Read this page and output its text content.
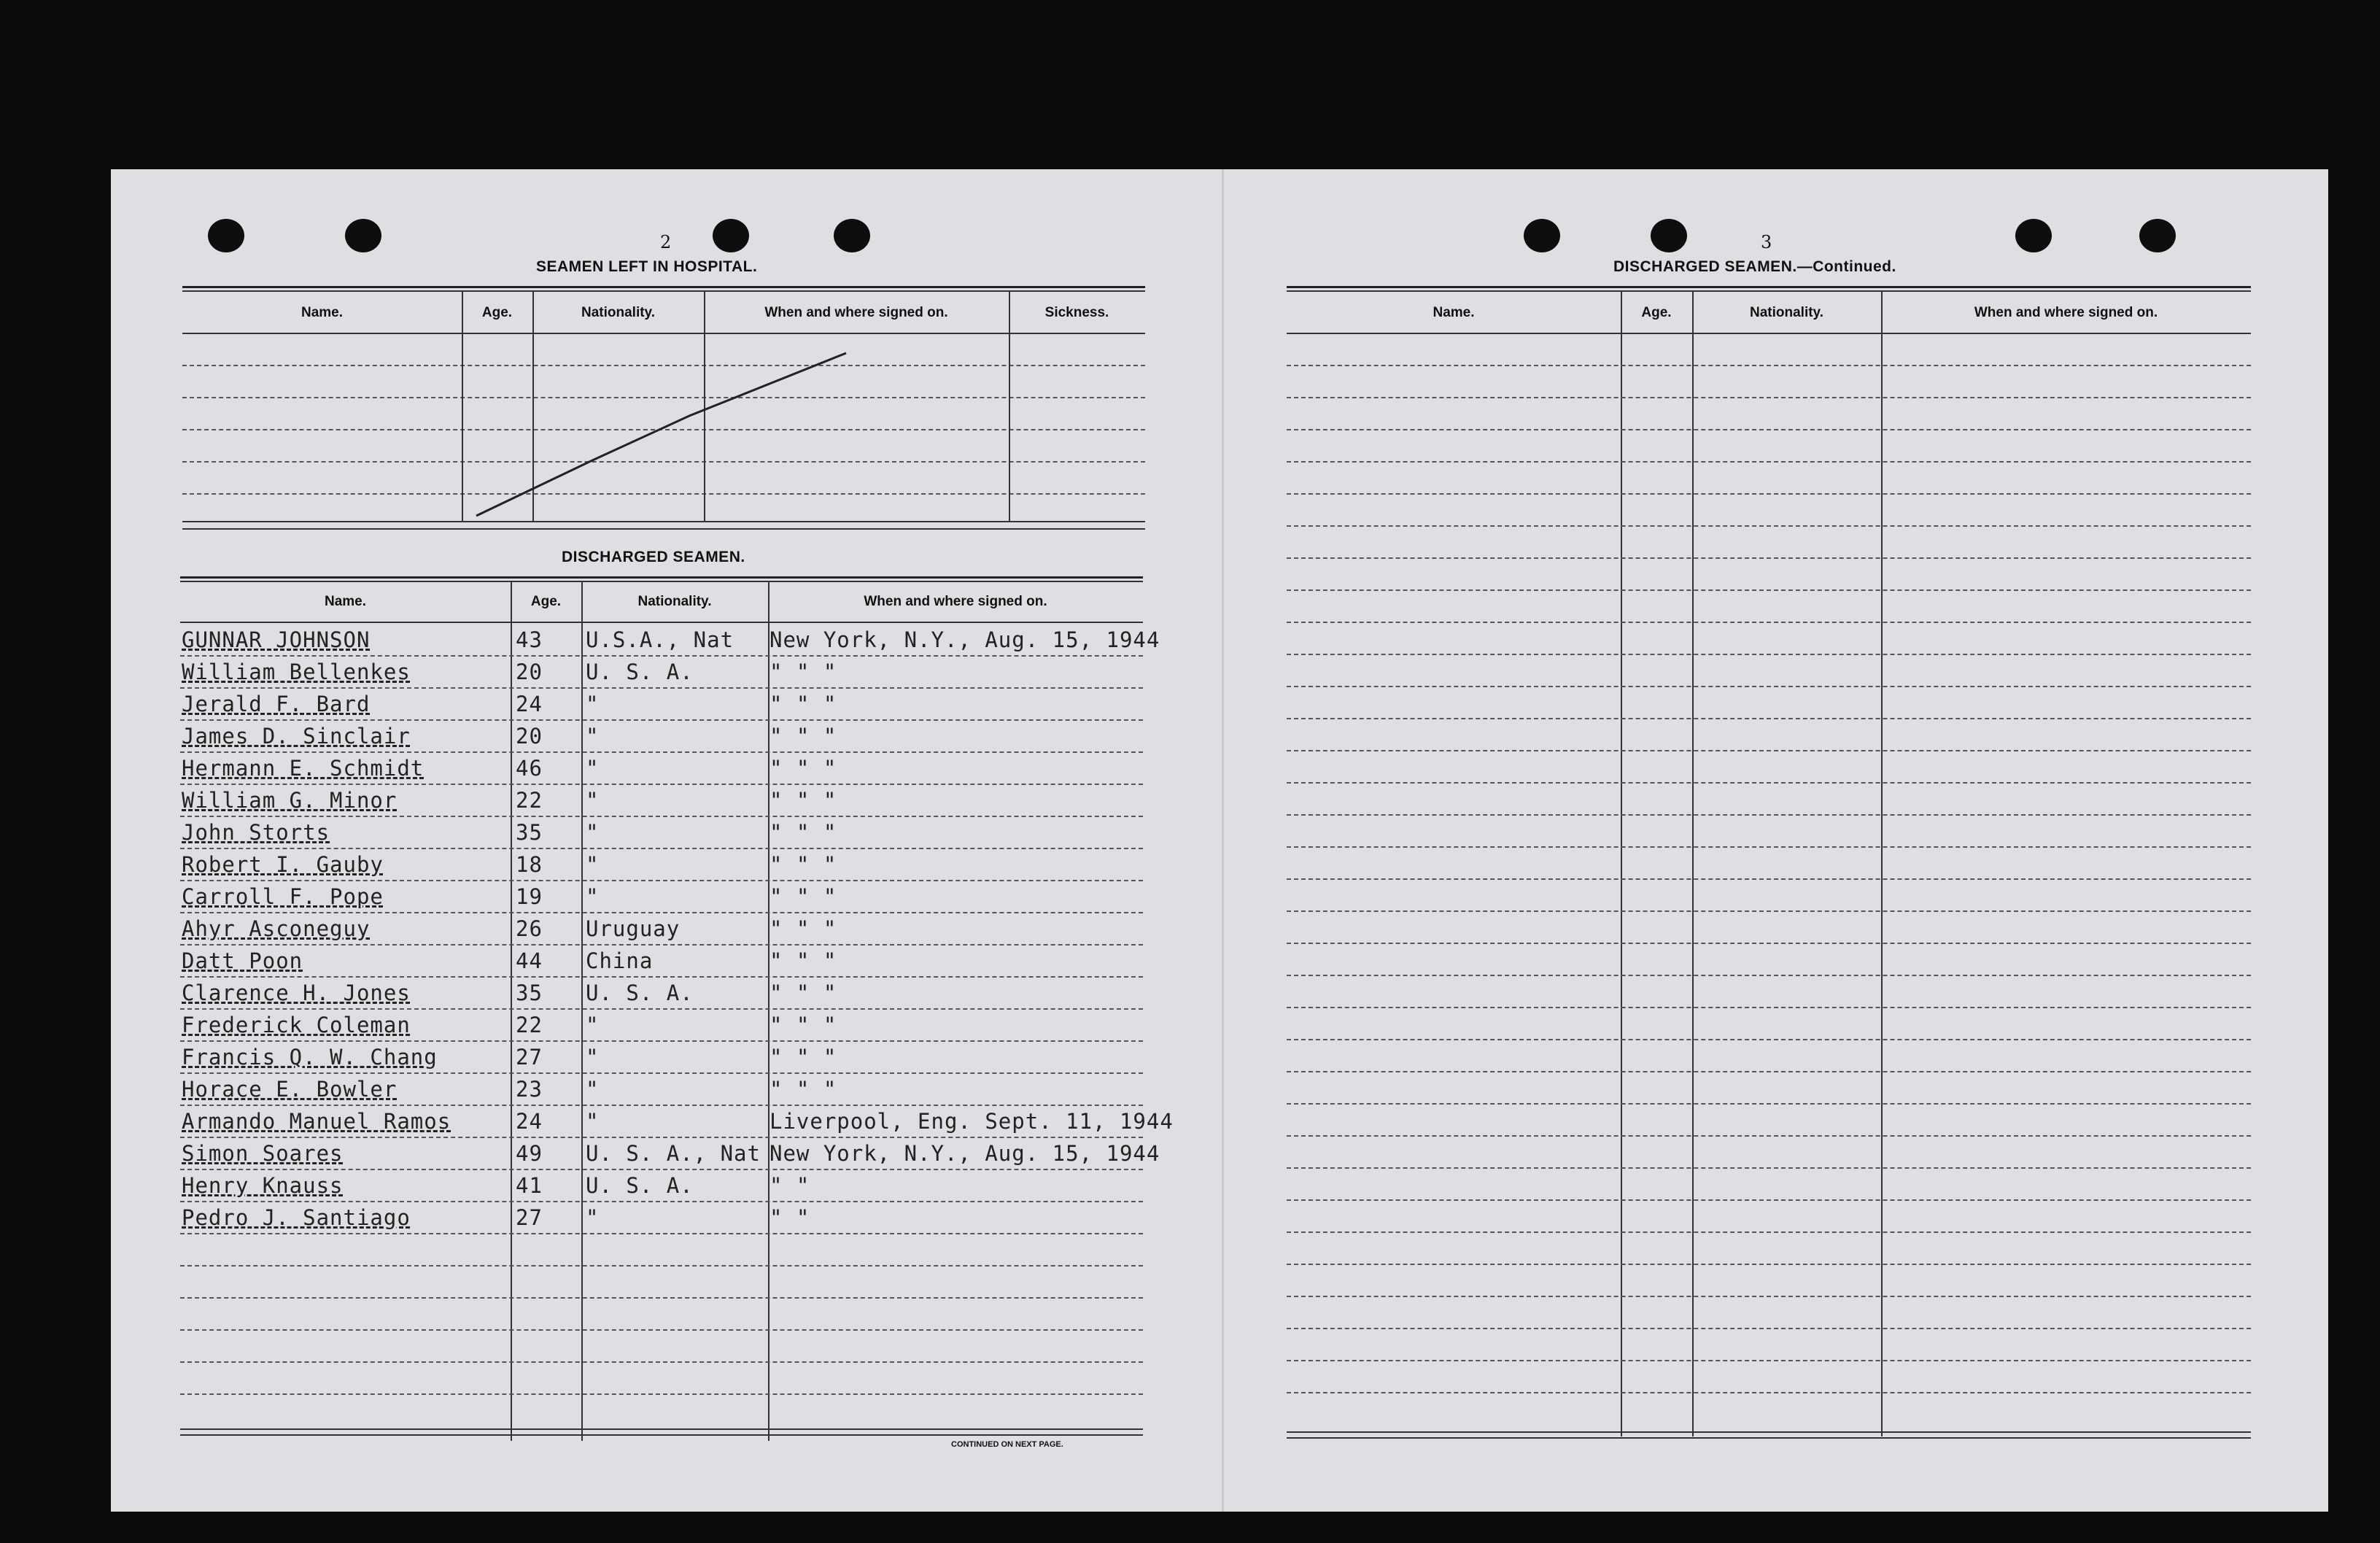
2
SEAMEN LEFT IN HOSPITAL.
Name.	Age.	Nationality.	When and where signed on.	Sickness.
DISCHARGED SEAMEN.
Name.	Age.	Nationality.	When and where signed on.
GUNNAR JOHNSON	43 U.S.A., Nat New York, N.Y., Aug. 15, 1944
William Bellenkes	20 U. S. A.	" " "
Jerald F. Bard	24 "	" " "
James D. Sinclair	20 "	" " "
Hermann E. Schmidt	46 "	" " "
William G. Minor	22 "	" " "
John Storts	35 "	" " "
Robert I. Gauby	18 "	" " "
Carroll F. Pope	19 "	" " "
Ahyr Asconeguy	26 Uruguay	" " "
Datt Poon	44 China	" " "
Clarence H. Jones	35 U. S. A.	" " "
Frederick Coleman	22 "	" " "
Francis Q. W. Chang	27 "	" " "
Horace E. Bowler	23 "	" " "
Armando Manuel Ramos	24 "	Liverpool, Eng. Sept. 11, 1944
Simon Soares	49 U. S. A., Nat New York, N.Y., Aug. 15, 1944
Henry Knauss	41 U. S. A.	" "
Pedro J. Santiago	27 "	" "
CONTINUED ON NEXT PAGE.
3
DISCHARGED SEAMEN.—Continued.
Name.	Age.	Nationality.	When and where signed on.
